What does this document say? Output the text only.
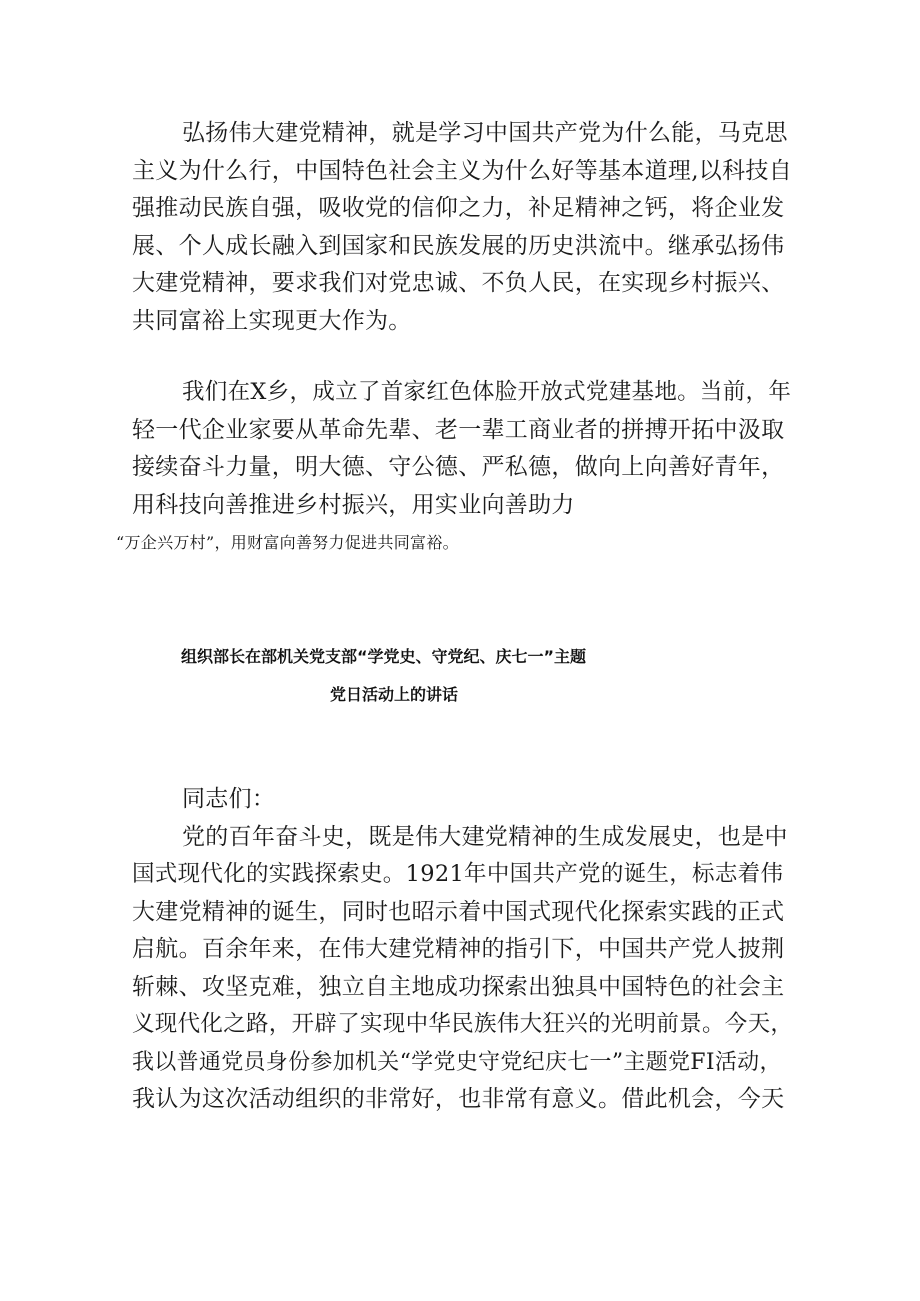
弘扬伟大建党精神，就是学习中国共产党为什么能，马克思
主义为什么行，中国特色社会主义为什么好等基本道理,以科技自
强推动民族自强，吸收党的信仰之力，补足精神之钙，将企业发
展、个人成长融入到国家和民族发展的历史洪流中。继承弘扬伟
大建党精神，要求我们对党忠诚、不负人民，在实现乡村振兴、
共同富裕上实现更大作为。
我们在X乡，成立了首家红色体脸开放式党建基地。当前，年
轻一代企业家要从革命先辈、老一辈工商业者的拼搏开拓中汲取
接续奋斗力量，明大德、守公德、严私德，做向上向善好青年，
用科技向善推进乡村振兴，用实业向善助力
“万企兴万村”，用财富向善努力促进共同富裕。
组织部长在部机关党支部“学党史、守党纪、庆七一”主题
党日活动上的讲话
同志们：
党的百年奋斗史，既是伟大建党精神的生成发展史，也是中
国式现代化的实践探索史。1921年中国共产党的诞生，标志着伟
大建党精神的诞生，同时也昭示着中国式现代化探索实践的正式
启航。百余年来，在伟大建党精神的指引下，中国共产党人披荆
斩棘、攻坚克难，独立自主地成功探索出独具中国特色的社会主
义现代化之路，开辟了实现中华民族伟大狂兴的光明前景。今天，
我以普通党员身份参加机关“学党史守党纪庆七一”主题党FI活动，
我认为这次活动组织的非常好，也非常有意义。借此机会，今天
